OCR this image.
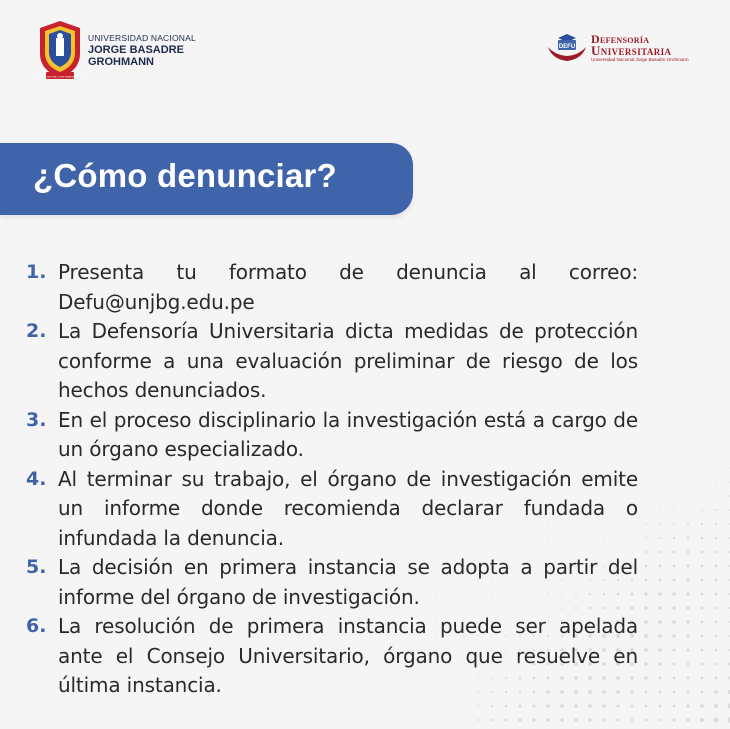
UNIVERSIDAD NACIONAL JORGE BASADRE GROHMANN
UNIVERSIDAD NACIONAL
JORGE BASADRE
GROHMANN
DEFU
Defensoría
Universitaria
Universidad Nacional Jorge Basadre Grohmann
¿Cómo denunciar?
1. Presenta tu formato de denuncia al correo: Defu@unjbg.edu.pe
2. La Defensoría Universitaria dicta medidas de protección conforme a una evaluación preliminar de riesgo de los hechos denunciados.
3. En el proceso disciplinario la investigación está a cargo de un órgano especializado.
4. Al terminar su trabajo, el órgano de investigación emite un informe donde recomienda declarar fundada o infundada la denuncia.
5. La decisión en primera instancia se adopta a partir del informe del órgano de investigación.
6. La resolución de primera instancia puede ser apelada ante el Consejo Universitario, órgano que resuelve en última instancia.
